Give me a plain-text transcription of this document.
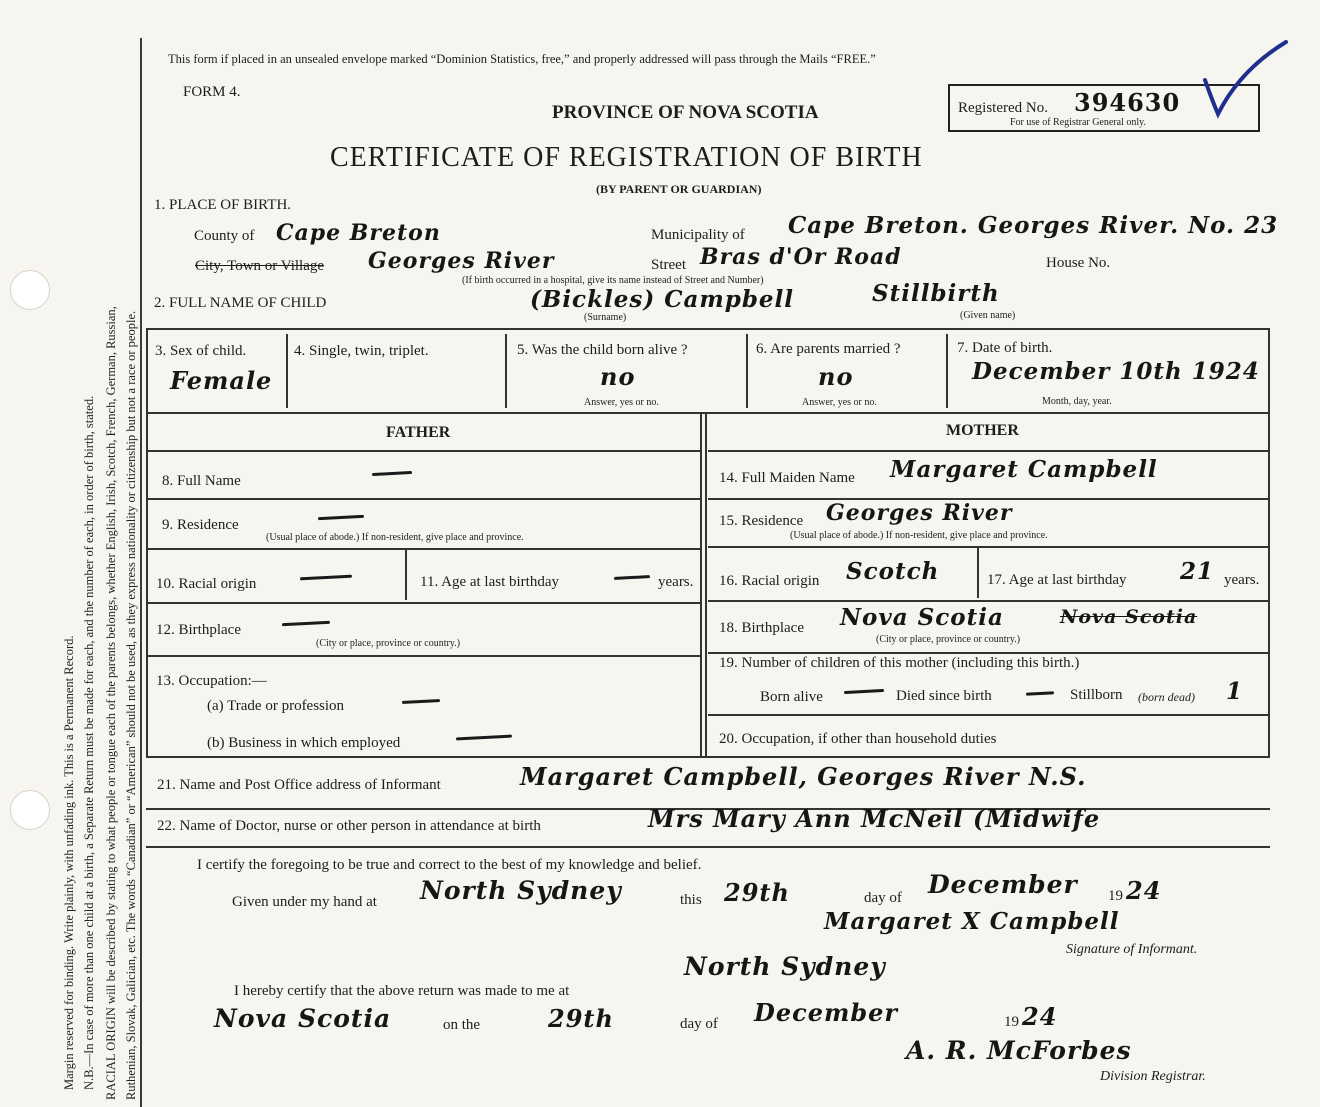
Margin reserved for binding. Write plainly, with unfading ink. This is a Permanent Record. N.B.—In case of more than one child at a birth, a Separate Return must be made for each, and the number of each, in order of birth, stated. RACIAL ORIGIN will be described by stating to what people or tongue each of the parents belongs, whether English, Irish, Scotch, French, German, Russian, Ruthenian, Slovak, Galician, etc. The words “Canadian” or “American” should not be used, as they express nationality or citizenship but not a race or people.
This form if placed in an unsealed envelope marked “Dominion Statistics, free,” and properly addressed will pass through the Mails “FREE.”
FORM 4.
PROVINCE OF NOVA SCOTIA
CERTIFICATE OF REGISTRATION OF BIRTH
(BY PARENT OR GUARDIAN)
Registered No. 394630
For use of Registrar General only.
1. PLACE OF BIRTH.
County of Cape Breton	Municipality of Cape Breton. Georges River. No. 23
City, Town or Village Georges River	Street Bras d'Or Road	House No.
(If birth occurred in a hospital, give its name instead of Street and Number)
2. FULL NAME OF CHILD	(Bickles) Campbell	Stillbirth
(Surname)	(Given name)
3. Sex of child.
Female
4. Single, twin, triplet.	5. Was the child born alive ?
no
Answer, yes or no.
6. Are parents married ?
no
Answer, yes or no.
7. Date of birth.
December 10th 1924
Month, day, year.
FATHER	MOTHER
8. Full Name
9. Residence
(Usual place of abode.) If non-resident, give place and province.
10. Racial origin	11. Age at last birthday	years.
12. Birthplace
(City or place, province or country.)
13. Occupation:—
(a) Trade or profession
(b) Business in which employed
14. Full Maiden Name Margaret Campbell
15. Residence Georges River
(Usual place of abode.) If non-resident, give place and province.
16. Racial origin Scotch	17. Age at last birthday 21 years.
18. Birthplace Nova Scotia	Nova Scotia
(City or place, province or country.)
19. Number of children of this mother (including this birth.)
Born alive	Died since birth	Stillborn (born dead) 1
20. Occupation, if other than household duties
21. Name and Post Office address of Informant	Margaret Campbell, Georges River N.S.
22. Name of Doctor, nurse or other person in attendance at birth	Mrs Mary Ann McNeil (Midwife
I certify the foregoing to be true and correct to the best of my knowledge and belief.
Given under my hand at North Sydney	this 29th	day of December 19 24
Margaret X Campbell
Signature of Informant.
North Sydney
I hereby certify that the above return was made to me at
Nova Scotia	on the	29th	day of December	19 24
A. R. McForbes
Division Registrar.
